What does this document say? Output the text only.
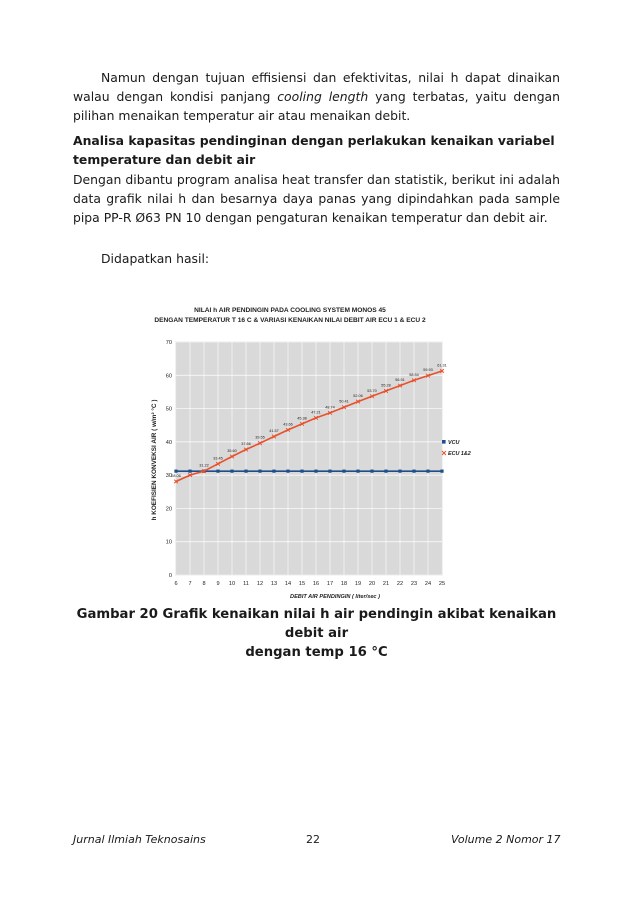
Namun dengan tujuan effisiensi dan efektivitas, nilai h dapat dinaikan walau dengan kondisi panjang cooling length yang terbatas, yaitu dengan pilihan menaikan temperatur air atau menaikan debit.

Analisa kapasitas pendinginan dengan perlakukan kenaikan variabel
temperature dan debit air

Dengan dibantu program analisa heat transfer dan statistik, berikut ini adalah data grafik nilai h dan besarnya daya panas yang dipindahkan pada sample pipa PP-R Ø63 PN 10 dengan pengaturan kenaikan temperatur dan debit air.

Didapatkan hasil:

NILAI h AIR PENDINGIN PADA COOLING SYSTEM MONOS 45
DENGAN TEMPERATUR T 16 C & VARIASI KENAIKAN NILAI DEBIT AIR ECU 1 & ECU 2
6 7 8 9 10 11 12 13 14 15 16 17 18 19 20 21 22 23 24 25
0
10
20
30
40
50
60
70
28.06
31.22
33.45
35.60
37.66
39.55
41.57
43.66
45.38
47.21
48.74
50.41
52.06
53.70
55.28
56.91
58.54
59.93
61.31
DEBIT AIR PENDINGIN ( liter/sec )
h KOEFISIEN KONVEKSI AIR ( w/m² °C )	VCU
ECU 1&2

Gambar 20 Grafik kenaikan nilai h air pendingin akibat kenaikan debit air
dengan temp 16 °C

Jurnal Ilmiah Teknosains	22	Volume 2 Nomor 17
